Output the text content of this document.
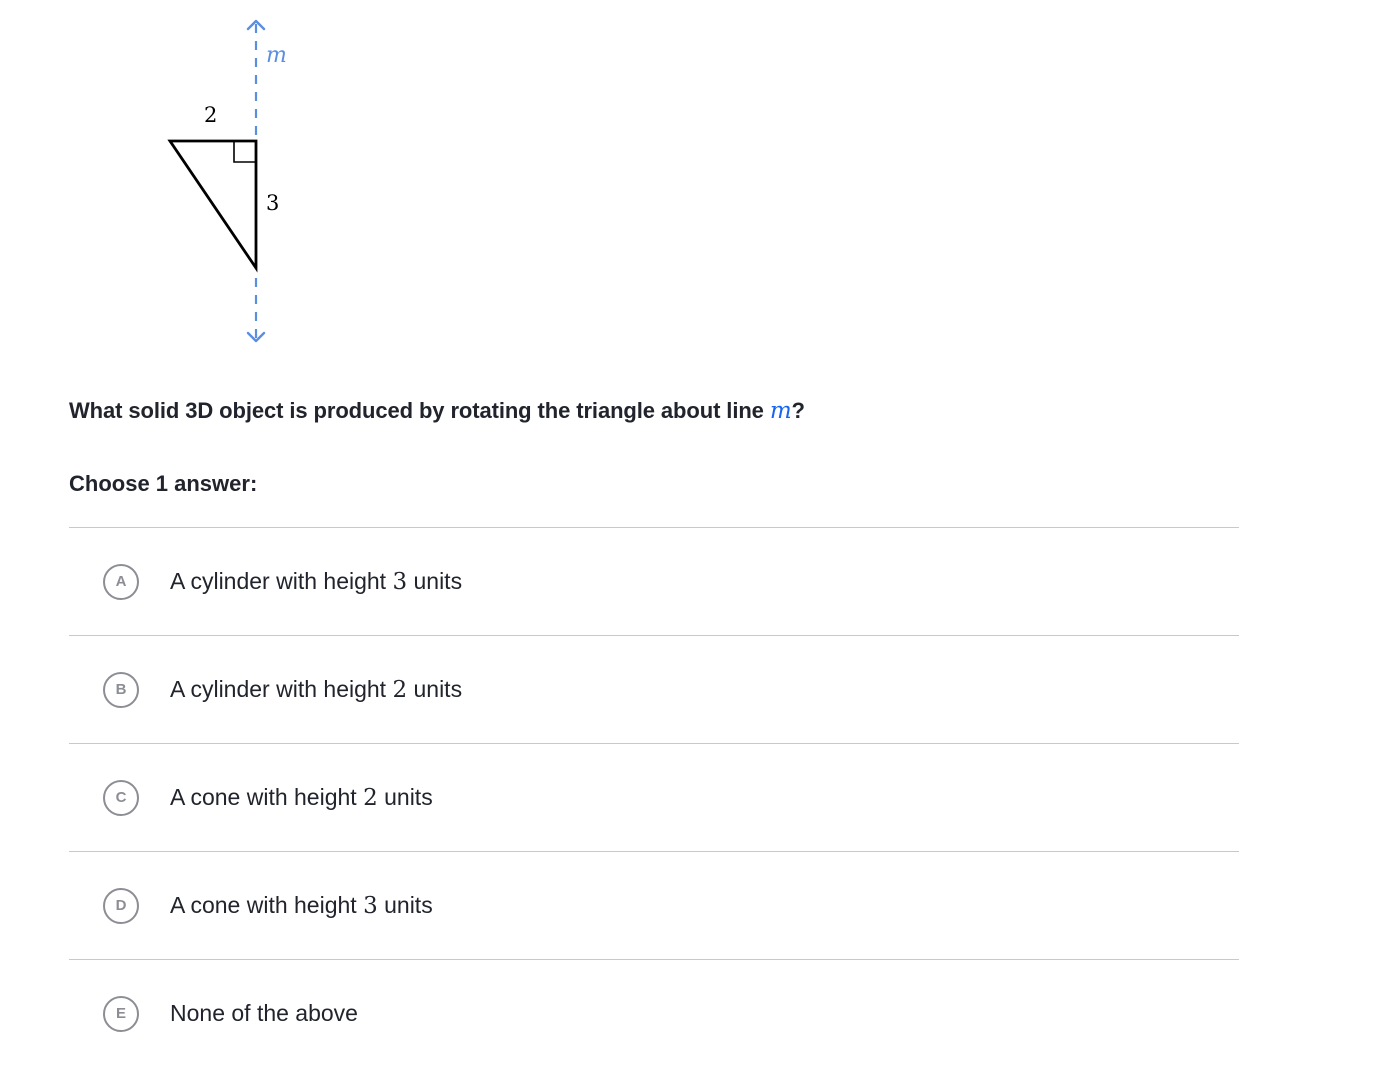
m
2
3
What solid 3D object is produced by rotating the triangle about line m?
Choose 1 answer:
A	A cylinder with height 3 units
B	A cylinder with height 2 units
C	A cone with height 2 units
D	A cone with height 3 units
E	None of the above
